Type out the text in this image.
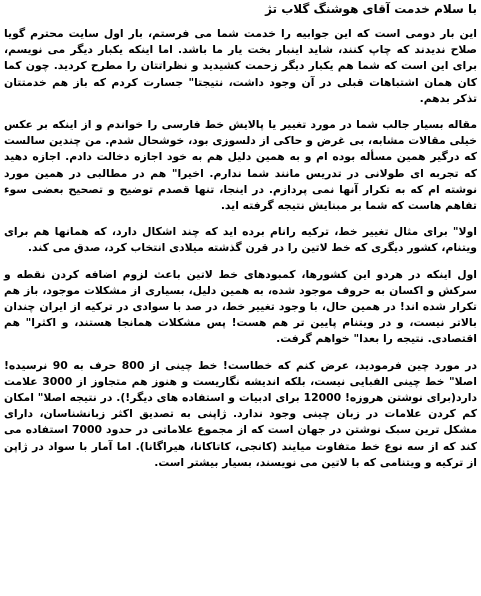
با سلام خدمت آقای هوشنگ گلاب تژ

این بار دومی است که این جوابیه را خدمت شما می فرستم، بار اول سایت محترم گویا صلاح ندیدند که چاپ کنند، شاید اینبار بخت یار ما باشد. اما اینکه یکبار دیگر می نویسم، برای این است که شما هم یکبار دیگر زحمت کشیدید و نظراتتان را مطرح کردید. چون کما کان همان اشتباهات قبلی در آن وجود داشت، نتیجتا" جسارت کردم که باز هم خدمتتان تذکر بدهم.

مقاله بسیار جالب شما در مورد تغییر یا پالایش خط فارسی را خواندم و از اینکه بر عکس خیلی مقالات مشابه، بی غرض و حاکی از دلسوزی بود، خوشحال شدم. من چندین سالست که درگیر همین مسأله بوده ام و به همین دلیل هم به خود اجازه دخالت دادم. اجازه دهید که تجربه ای طولانی در تدریس مانند شما ندارم. اخیرا" هم در مطالبی در همین مورد نوشته ام که به تکرار آنها نمی پردازم. در اینجا، تنها قصدم توضیح و تصحیح بعضی سوء تفاهم هاست که شما بر مبنایش نتیجه گرفته اید.

اولا" برای مثال تغییر خط، ترکیه رانام برده اید که چند اشکال دارد، که همانها هم برای ویتنام، کشور دیگری که خط لاتین را در قرن گذشته میلادی انتخاب کرد، صدق می کند.

اول اینکه در هردو این کشورها، کمبودهای خط لاتین باعث لزوم اضافه کردن نقطه و سرکش و اکسان به حروف موجود شده، به همین دلیل، بسیاری از مشکلات موجود، باز هم تکرار شده اند! در همین حال، با وجود تغییر خط، در صد با سوادی در ترکیه از ایران چندان بالاتر نیست، و در ویتنام پایین تر هم هست! پس مشکلات همانجا هستند، و اکثرا" هم اقتصادی. نتیجه را بعدا" خواهم گرفت.

در مورد چین فرمودید، عرض کنم که خطاست! خط چینی از 800 حرف به 90 نرسیده! اصلا" خط چینی الفبایی نیست، بلکه اندیشه نگاریست و هنوز هم متجاوز از 3000 علامت دارد(برای نوشتن هروزه! 12000 برای ادبیات و استفاده های دیگر!). در نتیجه اصلا" امکان کم کردن علامات در زبان چینی وجود ندارد. ژاپنی به تصدیق اکثر زبانشناسان، دارای مشکل ترین سبک نوشتن در جهان است که از مجموع علاماتی در حدود 7000 استفاده می کند که از سه نوع خط متفاوت میایند (کانجی، کاتاکانا، هیراگانا). اما آمار با سواد در ژاپن از ترکیه و ویتنامی که با لاتین می نویسند، بسیار بیشتر است.
